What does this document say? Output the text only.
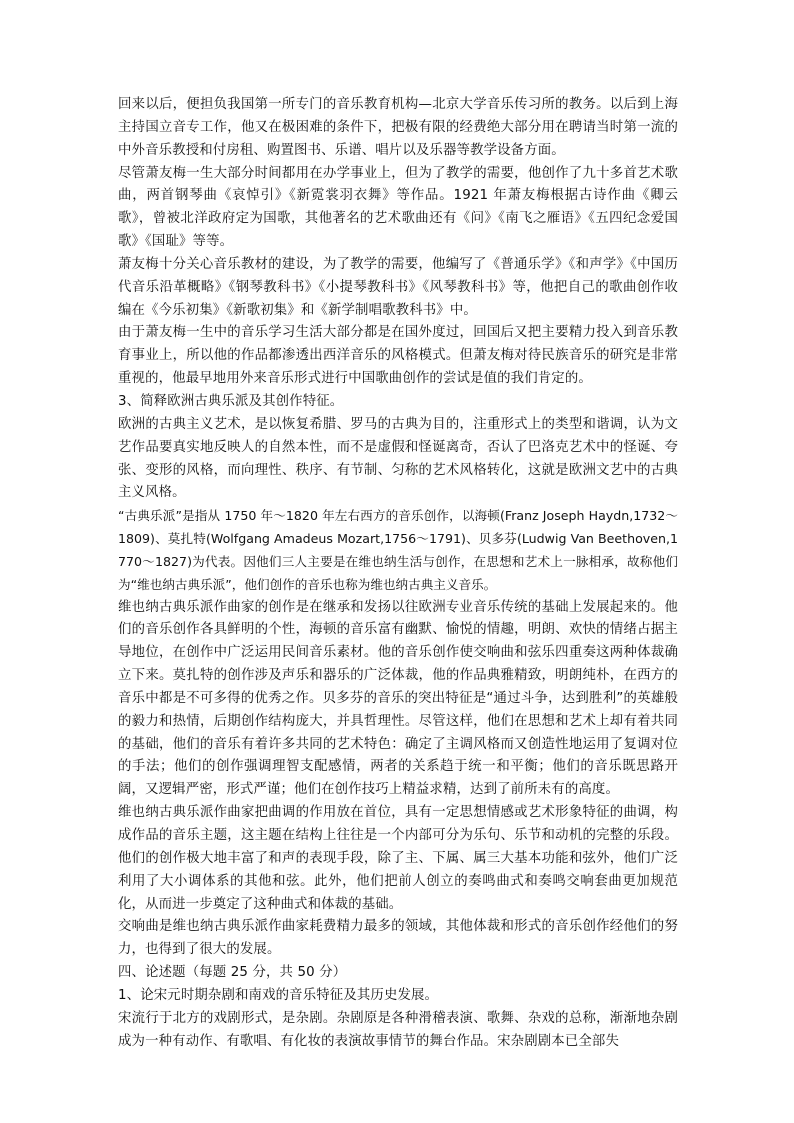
回来以后，便担负我国第一所专门的音乐教育机构—北京大学音乐传习所的教务。以后到上海主持国立音专工作，他又在极困难的条件下，把极有限的经费绝大部分用在聘请当时第一流的中外音乐教授和付房租、购置图书、乐谱、唱片以及乐器等教学设备方面。

尽管萧友梅一生大部分时间都用在办学事业上，但为了教学的需要，他创作了九十多首艺术歌曲，两首钢琴曲《哀悼引》《新霓裳羽衣舞》等作品。1921 年萧友梅根据古诗作曲《卿云歌》，曾被北洋政府定为国歌，其他著名的艺术歌曲还有《问》《南飞之雁语》《五四纪念爱国歌》《国耻》等等。

萧友梅十分关心音乐教材的建设，为了教学的需要，他编写了《普通乐学》《和声学》《中国历代音乐沿革概略》《钢琴教科书》《小提琴教科书》《风琴教科书》等，他把自己的歌曲创作收编在《今乐初集》《新歌初集》和《新学制唱歌教科书》中。

由于萧友梅一生中的音乐学习生活大部分都是在国外度过，回国后又把主要精力投入到音乐教育事业上，所以他的作品都渗透出西洋音乐的风格模式。但萧友梅对待民族音乐的研究是非常重视的，他最早地用外来音乐形式进行中国歌曲创作的尝试是值的我们肯定的。

3、简释欧洲古典乐派及其创作特征。

欧洲的古典主义艺术，是以恢复希腊、罗马的古典为目的，注重形式上的类型和谐调，认为文艺作品要真实地反映人的自然本性，而不是虚假和怪诞离奇，否认了巴洛克艺术中的怪诞、夸张、变形的风格，而向理性、秩序、有节制、匀称的艺术风格转化，这就是欧洲文艺中的古典主义风格。

“古典乐派”是指从 1750 年～1820 年左右西方的音乐创作，以海顿(Franz Joseph Haydn,1732～1809)、莫扎特(Wolfgang Amadeus Mozart,1756～1791)、贝多芬(Ludwig Van Beethoven,1770～1827)为代表。因他们三人主要是在维也纳生活与创作，在思想和艺术上一脉相承，故称他们为“维也纳古典乐派”，他们创作的音乐也称为维也纳古典主义音乐。

维也纳古典乐派作曲家的创作是在继承和发扬以往欧洲专业音乐传统的基础上发展起来的。他们的音乐创作各具鲜明的个性，海顿的音乐富有幽默、愉悦的情趣，明朗、欢快的情绪占据主导地位，在创作中广泛运用民间音乐素材。他的音乐创作使交响曲和弦乐四重奏这两种体裁确立下来。莫扎特的创作涉及声乐和器乐的广泛体裁，他的作品典雅精致，明朗纯朴，在西方的音乐中都是不可多得的优秀之作。贝多芬的音乐的突出特征是“通过斗争，达到胜利”的英雄般的毅力和热情，后期创作结构庞大，并具哲理性。尽管这样，他们在思想和艺术上却有着共同的基础，他们的音乐有着许多共同的艺术特色：确定了主调风格而又创造性地运用了复调对位的手法；他们的创作强调理智支配感情，两者的关系趋于统一和平衡；他们的音乐既思路开阔，又逻辑严密，形式严谨；他们在创作技巧上精益求精，达到了前所未有的高度。

维也纳古典乐派作曲家把曲调的作用放在首位，具有一定思想情感或艺术形象特征的曲调，构成作品的音乐主题，这主题在结构上往往是一个内部可分为乐句、乐节和动机的完整的乐段。他们的创作极大地丰富了和声的表现手段，除了主、下属、属三大基本功能和弦外，他们广泛利用了大小调体系的其他和弦。此外，他们把前人创立的奏鸣曲式和奏鸣交响套曲更加规范化，从而进一步奠定了这种曲式和体裁的基础。

交响曲是维也纳古典乐派作曲家耗费精力最多的领域，其他体裁和形式的音乐创作经他们的努力，也得到了很大的发展。

四、论述题（每题 25 分，共 50 分）

1、论宋元时期杂剧和南戏的音乐特征及其历史发展。

宋流行于北方的戏剧形式，是杂剧。杂剧原是各种滑稽表演、歌舞、杂戏的总称，渐渐地杂剧成为一种有动作、有歌唱、有化妆的表演故事情节的舞台作品。宋杂剧剧本已全部失
